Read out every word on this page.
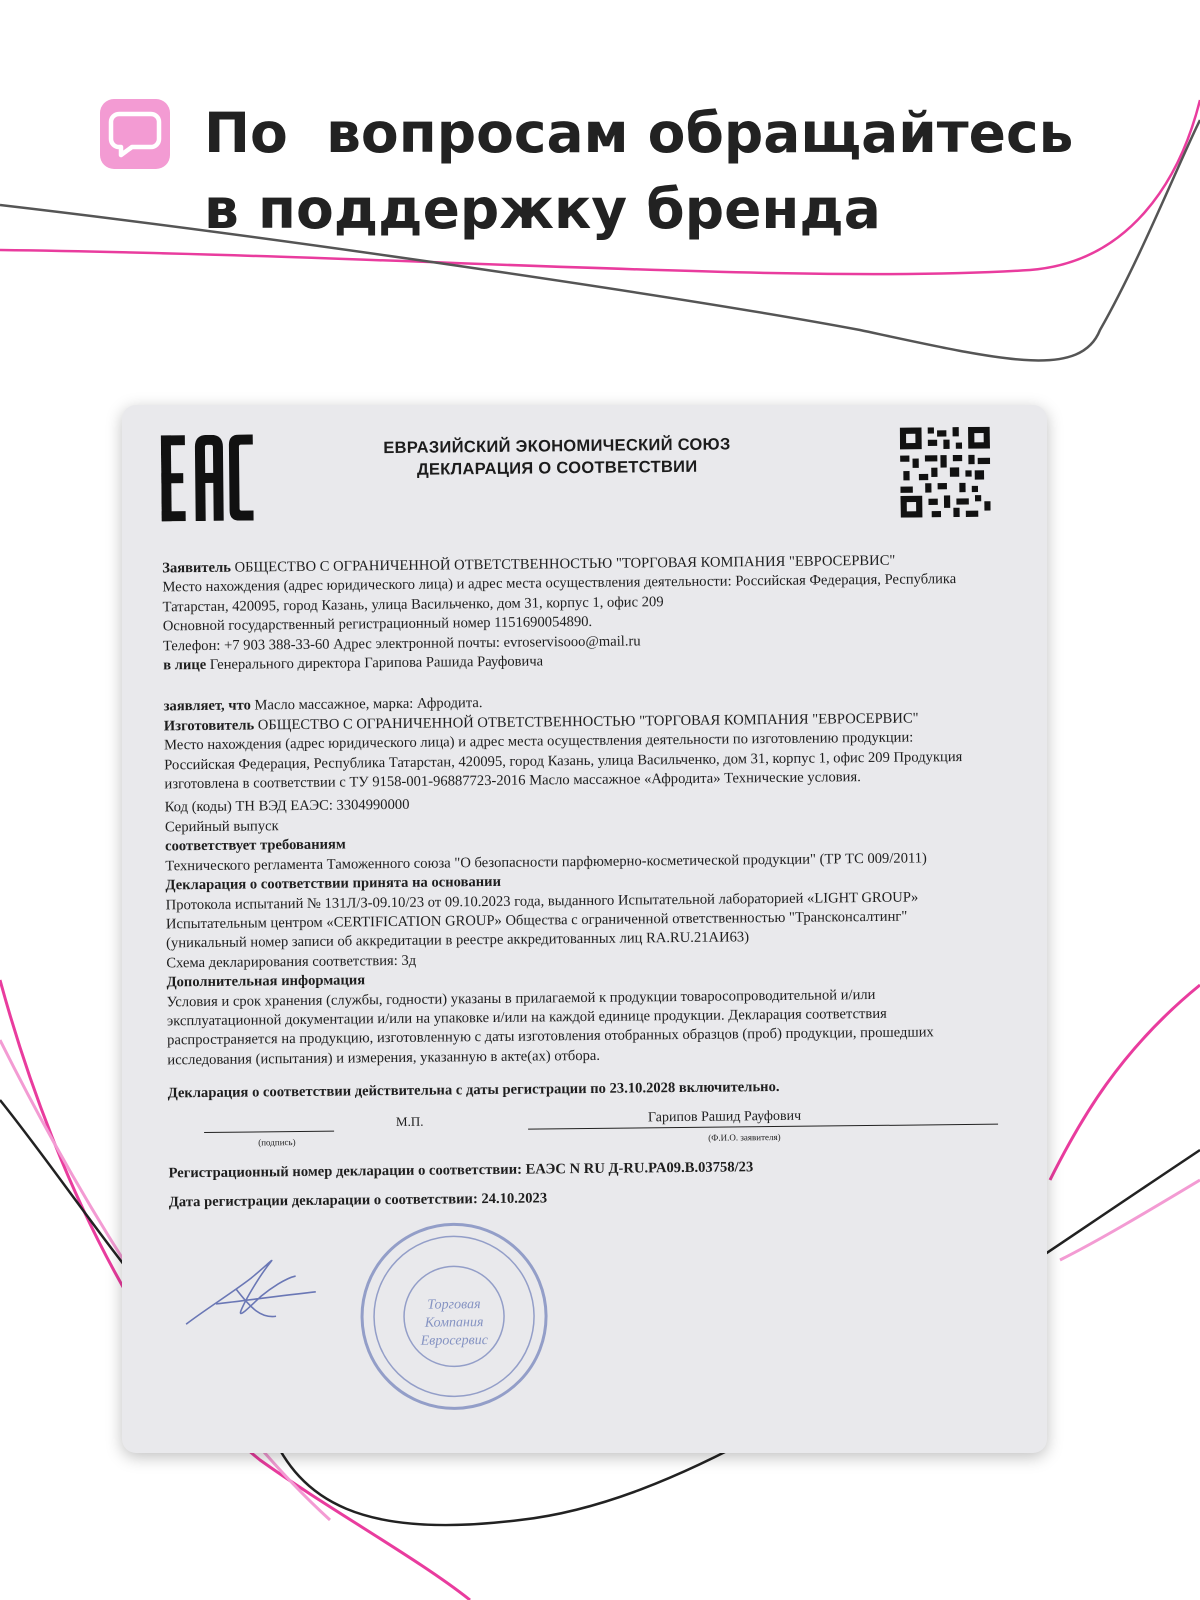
По  вопросам обращайтесь
в поддержку бренда
ЕВРАЗИЙСКИЙ ЭКОНОМИЧЕСКИЙ СОЮЗ
ДЕКЛАРАЦИЯ О СООТВЕТСТВИИ

Заявитель ОБЩЕСТВО С ОГРАНИЧЕННОЙ ОТВЕТСТВЕННОСТЬЮ "ТОРГОВАЯ КОМПАНИЯ "ЕВРОСЕРВИС"

Место нахождения (адрес юридического лица) и адрес места осуществления деятельности: Российская Федерация, Республика Татарстан, 420095, город Казань, улица Васильченко, дом 31, корпус 1, офис 209

Основной государственный регистрационный номер 1151690054890.

Телефон: +7 903 388-33-60 Адрес электронной почты: evroservisooo@mail.ru

в лице Генерального директора Гарипова Рашида Рауфовича

заявляет, что Масло массажное, марка: Афродита.

Изготовитель ОБЩЕСТВО С ОГРАНИЧЕННОЙ ОТВЕТСТВЕННОСТЬЮ "ТОРГОВАЯ КОМПАНИЯ "ЕВРОСЕРВИС"

Место нахождения (адрес юридического лица) и адрес места осуществления деятельности по изготовлению продукции: Российская Федерация, Республика Татарстан, 420095, город Казань, улица Васильченко, дом 31, корпус 1, офис 209 Продукция изготовлена в соответствии с ТУ 9158-001-96887723-2016 Масло массажное «Афродита» Технические условия.

Код (коды) ТН ВЭД ЕАЭС: 3304990000

Серийный выпуск

соответствует требованиям

Технического регламента Таможенного союза "О безопасности парфюмерно-косметической продукции" (ТР ТС 009/2011)

Декларация о соответствии принята на основании

Протокола испытаний № 131Л/З-09.10/23 от 09.10.2023 года, выданного Испытательной лабораторией «LIGHT GROUP» Испытательным центром «CERTIFICATION GROUP» Общества с ограниченной ответственностью "Трансконсалтинг" (уникальный номер записи об аккредитации в реестре аккредитованных лиц RA.RU.21АИ63)

Схема декларирования соответствия: 3д

Дополнительная информация

Условия и срок хранения (службы, годности) указаны в прилагаемой к продукции товаросопроводительной и/или эксплуатационной документации и/или на упаковке и/или на каждой единице продукции. Декларация соответствия распространяется на продукцию, изготовленную с даты изготовления отобранных образцов (проб) продукции, прошедших исследования (испытания) и измерения, указанную в акте(ах) отбора.

Декларация о соответствии действительна с даты регистрации по 23.10.2028 включительно.

(подпись)
М.П.	Гарипов Рашид Рауфович
(Ф.И.О. заявителя)

Регистрационный номер декларации о соответствии: ЕАЭС N RU Д-RU.PA09.B.03758/23

Дата регистрации декларации о соответствии: 24.10.2023

Торговая
Компания
Евросервис
